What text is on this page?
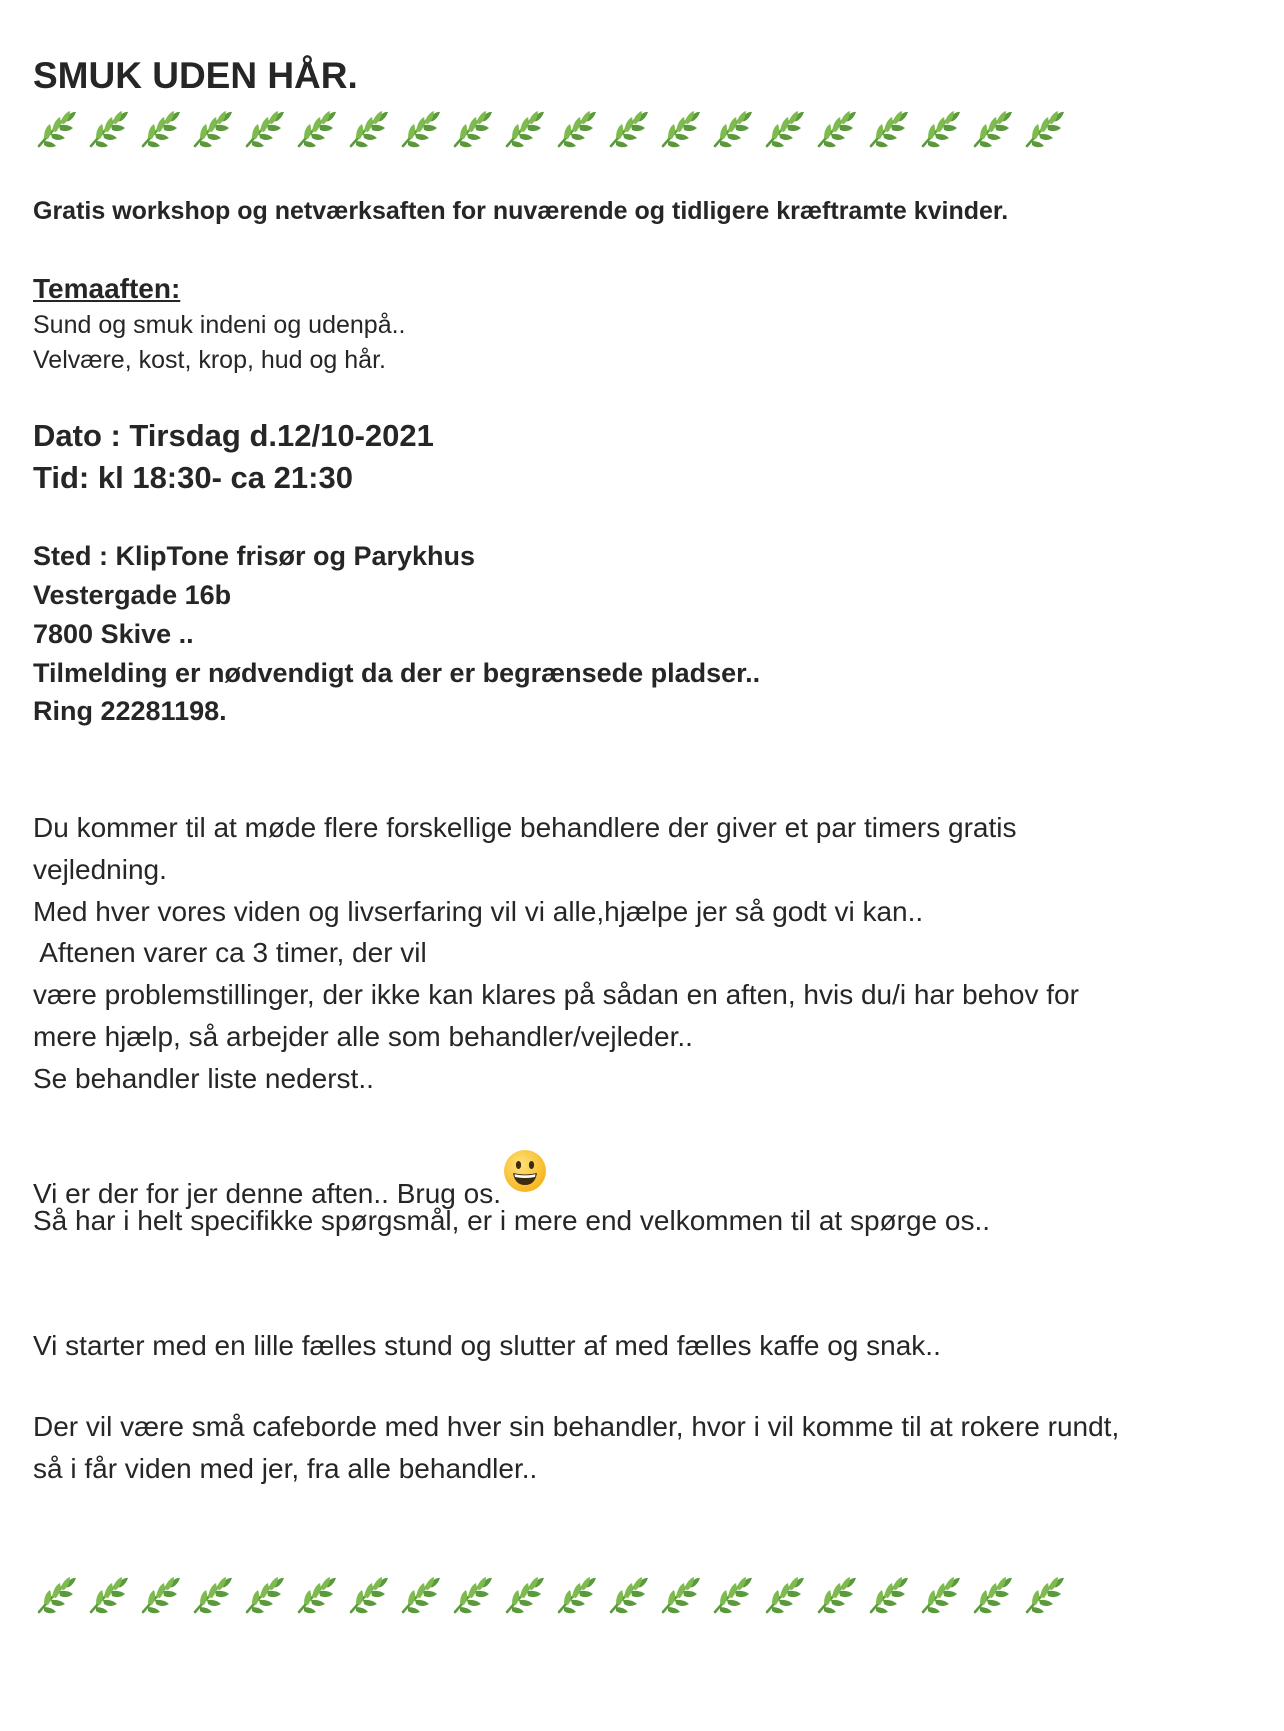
SMUK UDEN HÅR.

Gratis workshop og netværksaften for nuværende og tidligere kræftramte kvinder.

Temaaften:

Sund og smuk indeni og udenpå..

Velvære, kost, krop, hud og hår.

Dato : Tirsdag d.12/10-2021

Tid: kl 18:30- ca 21:30

Sted : KlipTone frisør og Parykhus

Vestergade 16b

7800 Skive ..

Tilmelding er nødvendigt da der er begrænsede pladser..

Ring 22281198.

Du kommer til at møde flere forskellige behandlere der giver et par timers gratis

vejledning.

Med hver vores viden og livserfaring vil vi alle,hjælpe jer så godt vi kan..

Aftenen varer ca 3 timer, der vil

være problemstillinger, der ikke kan klares på sådan en aften, hvis du/i har behov for

mere hjælp, så arbejder alle som behandler/vejleder..

Se behandler liste nederst..

Vi er der for jer denne aften.. Brug os.

Så har i helt specifikke spørgsmål, er i mere end velkommen til at spørge os..

Vi starter med en lille fælles stund og slutter af med fælles kaffe og snak..

Der vil være små cafeborde med hver sin behandler, hvor i vil komme til at rokere rundt,

så i får viden med jer, fra alle behandler..
